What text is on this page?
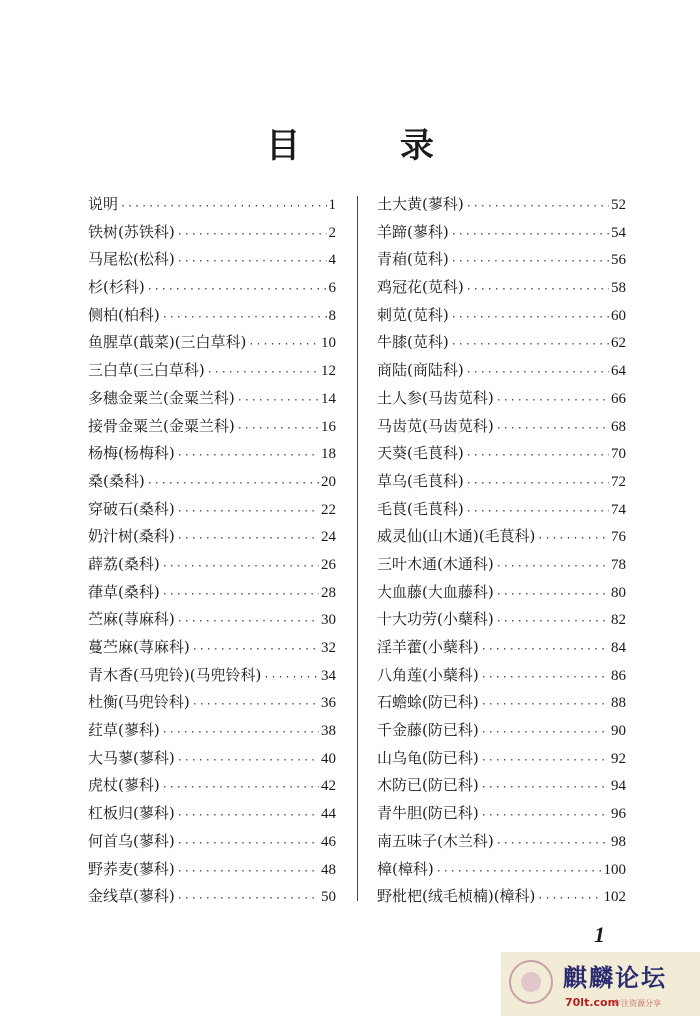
目 录
说明 ·····	1
铁树(苏铁科) ·····	2
马尾松(松科) ·····	4
杉(杉科) ·····	6
侧柏(柏科) ·····	8
鱼腥草(蕺菜)(三白草科) ·····	10
三白草(三白草科) ·····	12
多穗金粟兰(金粟兰科) ·····	14
接骨金粟兰(金粟兰科) ·····	16
杨梅(杨梅科) ·····	18
桑(桑科) ·····	20
穿破石(桑科) ·····	22
奶汁树(桑科) ·····	24
薜荔(桑科) ·····	26
葎草(桑科) ·····	28
苎麻(荨麻科) ·····	30
蔓苎麻(荨麻科) ·····	32
青木香(马兜铃)(马兜铃科) ·····	34
杜衡(马兜铃科) ·····	36
荭草(蓼科) ·····	38
大马蓼(蓼科) ·····	40
虎杖(蓼科) ·····	42
杠板归(蓼科) ·····	44
何首乌(蓼科) ·····	46
野荞麦(蓼科) ·····	48
金线草(蓼科) ·····	50
土大黄(蓼科) ·····	52
羊蹄(蓼科) ·····	54
青葙(苋科) ·····	56
鸡冠花(苋科) ·····	58
刺苋(苋科) ·····	60
牛膝(苋科) ·····	62
商陆(商陆科) ·····	64
土人参(马齿苋科) ·····	66
马齿苋(马齿苋科) ·····	68
天葵(毛茛科) ·····	70
草乌(毛茛科) ·····	72
毛茛(毛茛科) ·····	74
威灵仙(山木通)(毛茛科) ·····	76
三叶木通(木通科) ·····	78
大血藤(大血藤科) ·····	80
十大功劳(小蘖科) ·····	82
淫羊藿(小蘖科) ·····	84
八角莲(小蘖科) ·····	86
石蟾蜍(防已科) ·····	88
千金藤(防已科) ·····	90
山乌龟(防已科) ·····	92
木防已(防已科) ·····	94
青牛胆(防已科) ·····	96
南五味子(木兰科) ·····	98
樟(樟科) ·····	100
野枇杷(绒毛桢楠)(樟科) ·····	102
1
麒麟论坛
70lt.com
专注资源分享
